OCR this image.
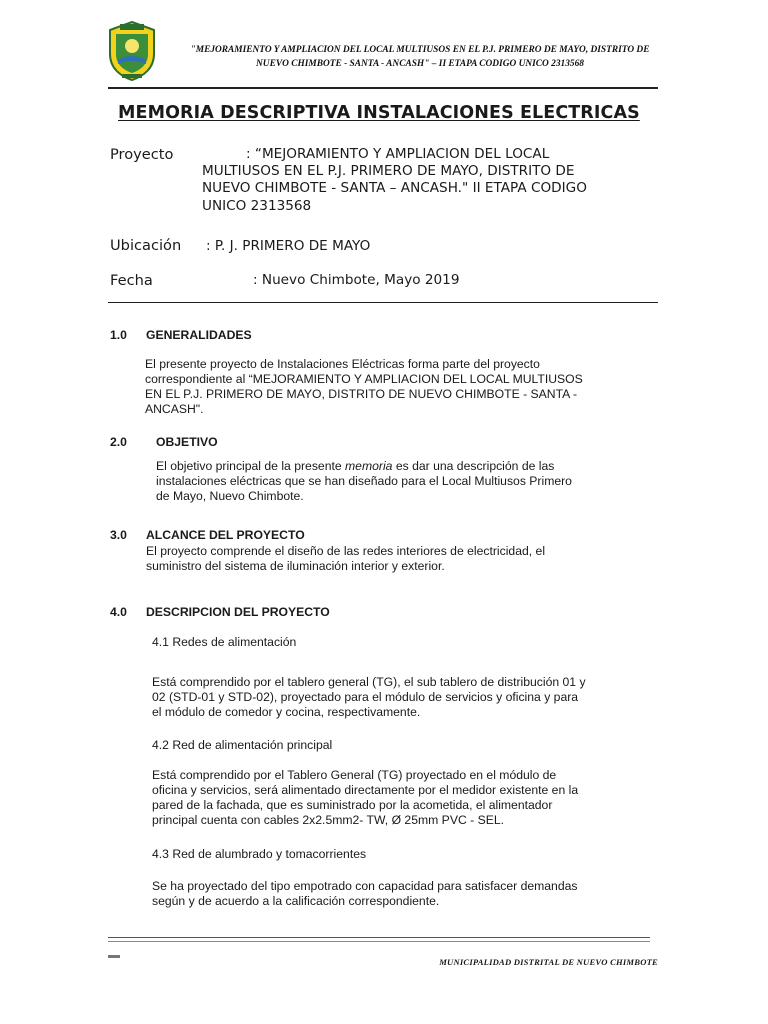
"MEJORAMIENTO Y AMPLIACION DEL LOCAL MULTIUSOS EN EL P.J. PRIMERO DE MAYO, DISTRITO DE
NUEVO CHIMBOTE - SANTA - ANCASH" – II ETAPA CODIGO UNICO 2313568
MEMORIA DESCRIPTIVA INSTALACIONES ELECTRICAS
Proyecto	: “MEJORAMIENTO Y AMPLIACION DEL LOCAL
MULTIUSOS EN EL P.J. PRIMERO DE MAYO, DISTRITO DE
NUEVO CHIMBOTE - SANTA – ANCASH." II ETAPA CODIGO
UNICO 2313568
Ubicación : P. J. PRIMERO DE MAYO
Fecha	: Nuevo Chimbote, Mayo 2019
1.0 GENERALIDADES
El presente proyecto de Instalaciones Eléctricas forma parte del proyecto
correspondiente al “MEJORAMIENTO Y AMPLIACION DEL LOCAL MULTIUSOS
EN EL P.J. PRIMERO DE MAYO, DISTRITO DE NUEVO CHIMBOTE - SANTA -
ANCASH".
2.0 OBJETIVO
El objetivo principal de la presente memoria es dar una descripción de las
instalaciones eléctricas que se han diseñado para el Local Multiusos Primero
de Mayo, Nuevo Chimbote.
3.0 ALCANCE DEL PROYECTO
El proyecto comprende el diseño de las redes interiores de electricidad, el
suministro del sistema de iluminación interior y exterior.
4.0 DESCRIPCION DEL PROYECTO
4.1 Redes de alimentación
Está comprendido por el tablero general (TG), el sub tablero de distribución 01 y
02 (STD-01 y STD-02), proyectado para el módulo de servicios y oficina y para
el módulo de comedor y cocina, respectivamente.
4.2 Red de alimentación principal
Está comprendido por el Tablero General (TG) proyectado en el módulo de
oficina y servicios, será alimentado directamente por el medidor existente en la
pared de la fachada, que es suministrado por la acometida, el alimentador
principal cuenta con cables 2x2.5mm2- TW, Ø 25mm PVC - SEL.
4.3 Red de alumbrado y tomacorrientes
Se ha proyectado del tipo empotrado con capacidad para satisfacer demandas
según y de acuerdo a la calificación correspondiente.
MUNICIPALIDAD DISTRITAL DE NUEVO CHIMBOTE
